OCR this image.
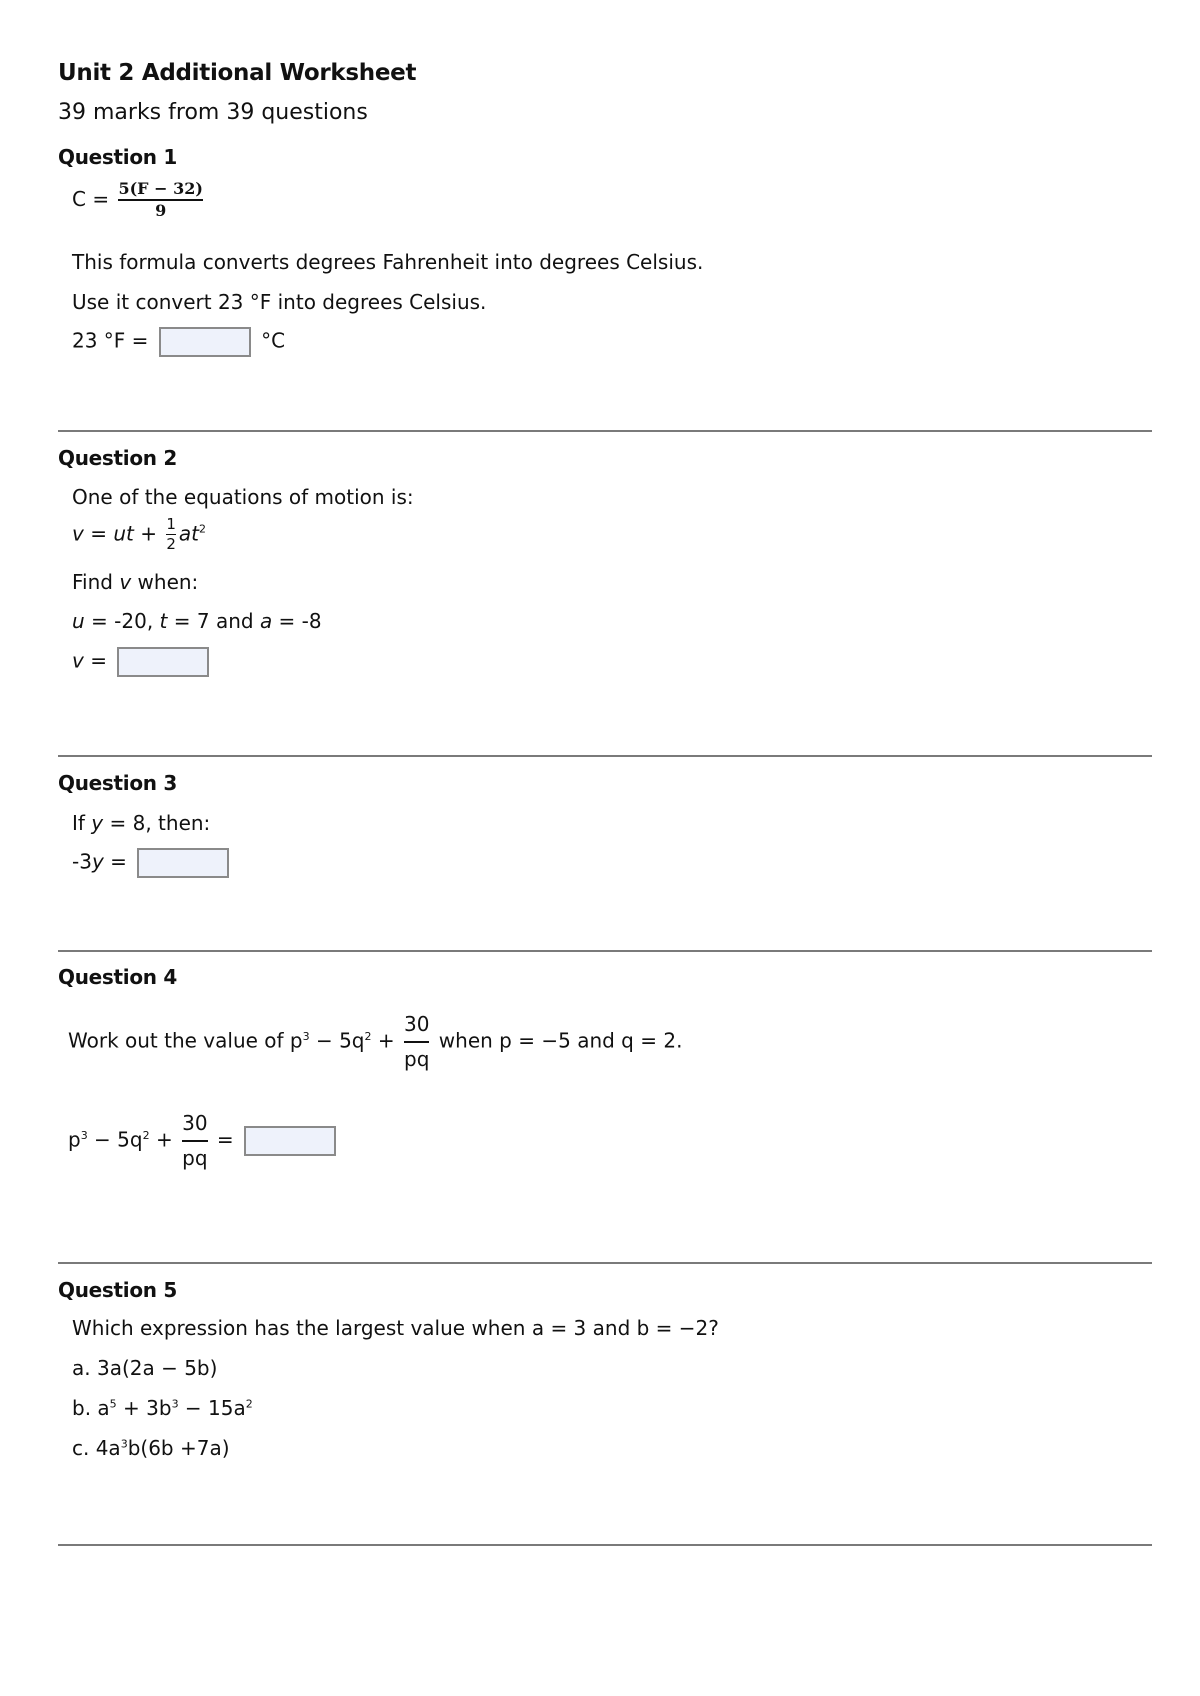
Unit 2 Additional Worksheet
39 marks from 39 questions
Question 1
$C = \frac{5(F - 32)}{9}$
This formula converts degrees Fahrenheit into degrees Celsius.
Use it convert 23 °F into degrees Celsius.
23 °F =	°C
Question 2
One of the equations of motion is:
v = ut + $\frac{1}{2} at^2$
Find v when:
u = -20, t = 7 and a = -8
v =
Question 3
If y = 8, then:
-3y =
Question 4
Work out the value of $p^3 - 5q^2 + \frac{30}{pq}$ when p = −5 and q = 2.
$p^3 - 5q^2 + \frac{30}{pq}$ =
Question 5
Which expression has the largest value when a = 3 and b = −2?
a. 3a(2a − 5b)
b. $a^5 + 3b^3 - 15a^2$
c. $4a^3b(6b +7a)$
